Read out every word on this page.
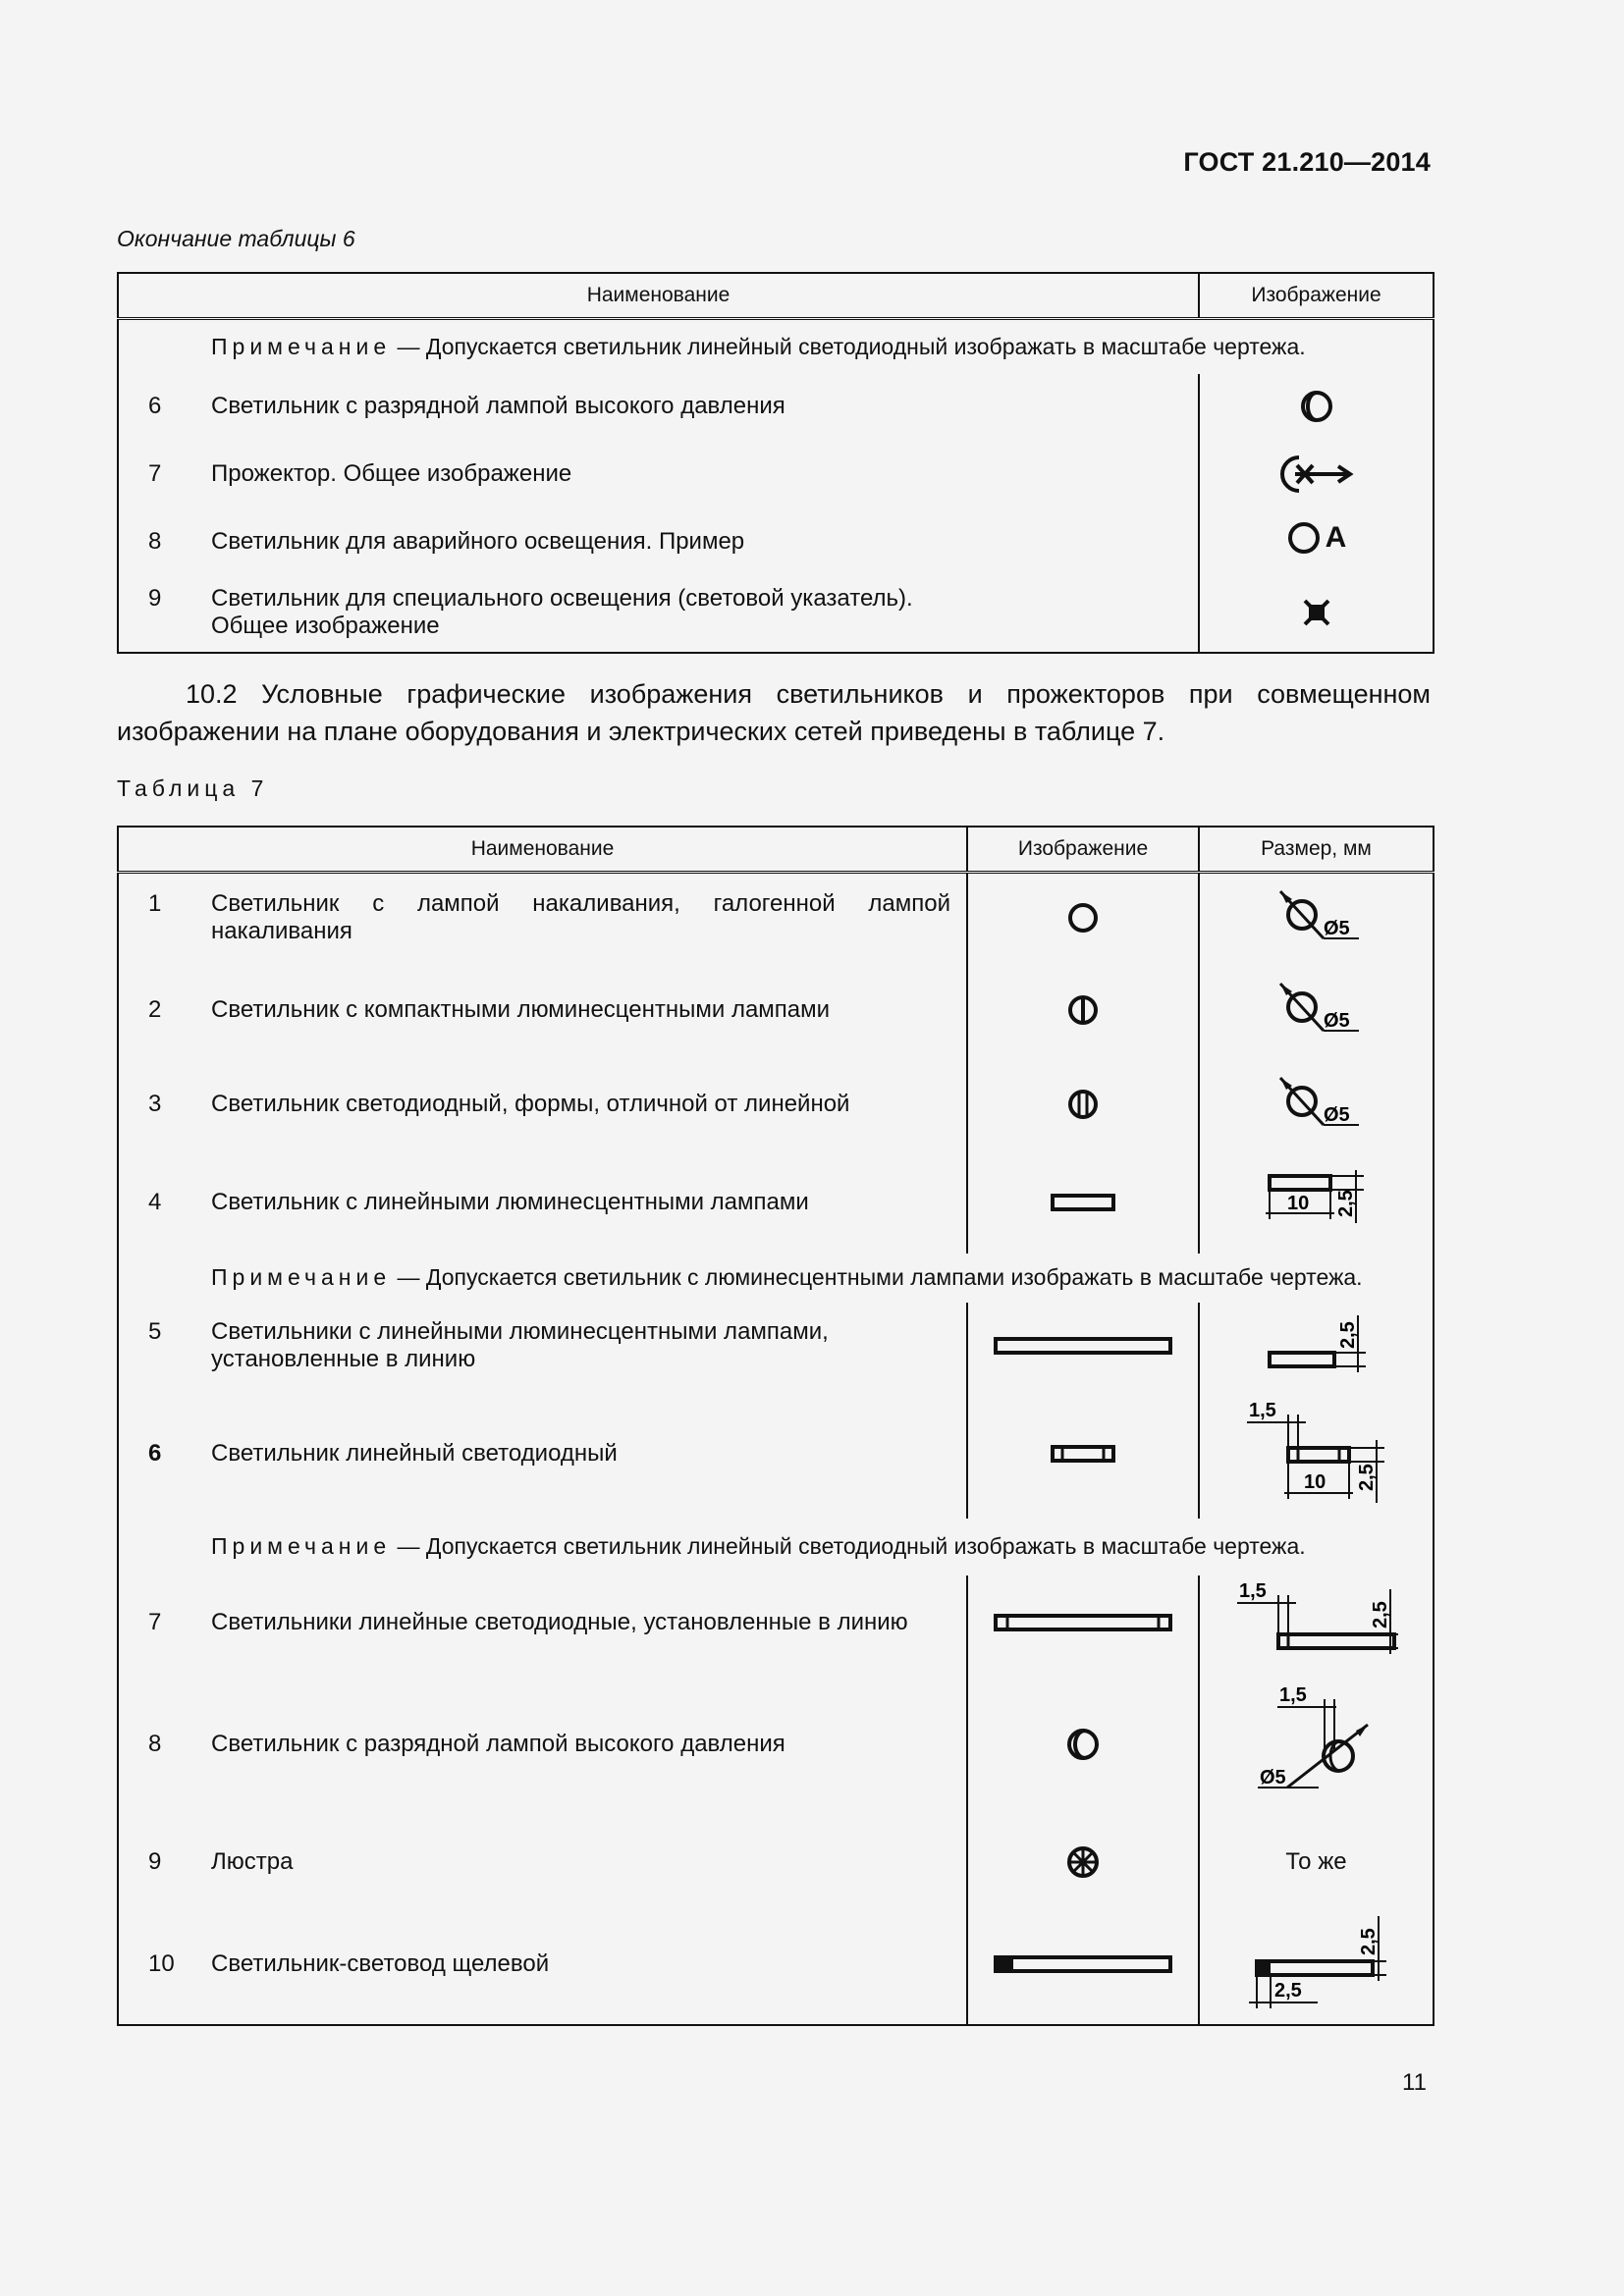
ГОСТ 21.210—2014
Окончание таблицы 6
Наименование	Изображение
Примечание — Допускается светильник линейный светодиодный изображать в масштабе чертежа.	

6 Светильник с разрядной лампой высокого давления

7 Прожектор. Общее изображение

8 Светильник для аварийного освещения. Пример	А

9 Светильник для специального освещения (световой указатель).
Общее изображение

10.2 Условные графические изображения светильников и прожекторов при совмещенном изображении на плане оборудования и электрических сетей приведены в таблице 7.
Таблица 7
Наименование	Изображение	Размер, мм

1 Светильник с лампой накаливания, галогенной лампой накаливания		Ø5

2 Светильник с компактными люминесцентными лампами		Ø5

3 Светильник светодиодный, формы, отличной от линейной		Ø5

4 Светильник с линейными люминесцентными лампами		10 2,5

Примечание — Допускается светильник с люминесцентными лампами изображать в масштабе чертежа.		

5 Светильники с линейными люминесцентными лампами, установленные в линию		2,5

6 Светильник линейный светодиодный		1,5
10 2,5

Примечание — Допускается светильник линейный светодиодный изображать в масштабе чертежа.		

7 Светильники линейные светодиодные, установленные в линию		1,5
2,5

8 Светильник с разрядной лампой высокого давления		1,5
Ø5

9 Люстра		То же

10 Светильник-световод щелевой		2,5
2,5
11
